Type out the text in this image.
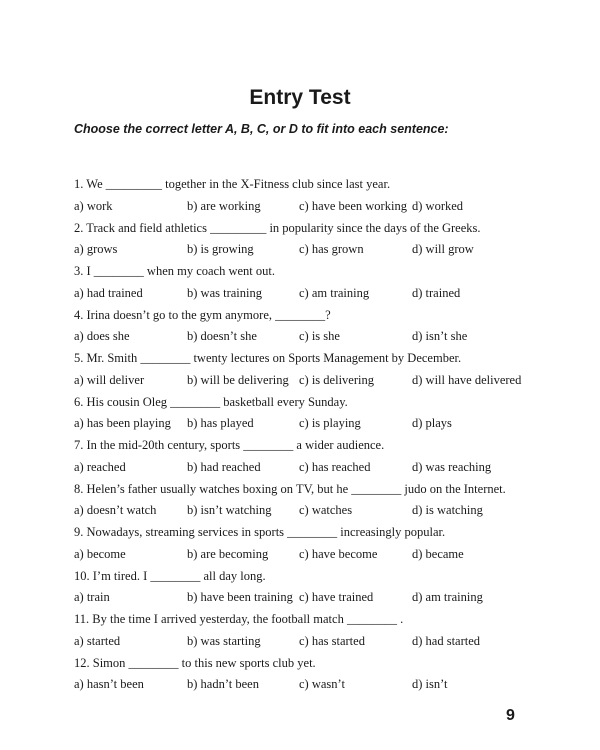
Entry Test
Choose the correct letter A, B, C, or D to fit into each sentence:
1. We _________ together in the X-Fitness club since last year.
a) work	b) are working	c) have been working d) worked
2. Track and field athletics _________ in popularity since the days of the Greeks.
a) grows	b) is growing	c) has grown	d) will grow
3. I ________ when my coach went out.
a) had trained	b) was training	c) am training	d) trained
4. Irina doesn’t go to the gym anymore, ________?
a) does she	b) doesn’t she	c) is she	d) isn’t she
5. Mr. Smith ________ twenty lectures on Sports Management by December.
a) will deliver	b) will be delivering c) is delivering	d) will have delivered
6. His cousin Oleg ________ basketball every Sunday.
a) has been playing b) has played	c) is playing	d) plays
7. In the mid-20th century, sports ________ a wider audience.
a) reached	b) had reached	c) has reached	d) was reaching
8. Helen’s father usually watches boxing on TV, but he ________ judo on the Internet.
a) doesn’t watch b) isn’t watching c) watches	d) is watching
9. Nowadays, streaming services in sports ________ increasingly popular.
a) become	b) are becoming c) have become	d) became
10. I’m tired. I ________ all day long.
a) train	b) have been training c) have trained	d) am training
11. By the time I arrived yesterday, the football match ________ .
a) started	b) was starting	c) has started	d) had started
12. Simon ________ to this new sports club yet.
a) hasn’t been	b) hadn’t been	c) wasn’t	d) isn’t
9
